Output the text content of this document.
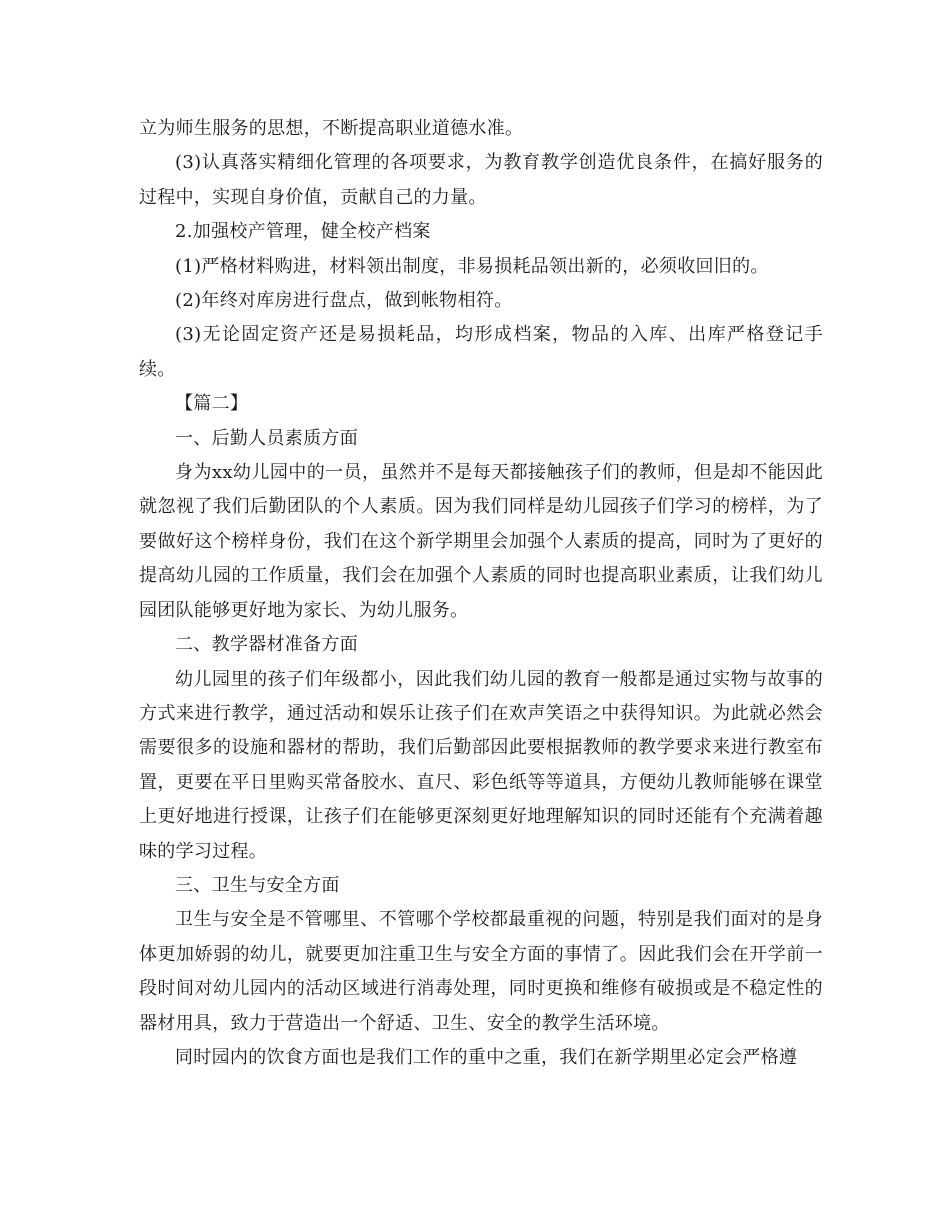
立为师生服务的思想，不断提高职业道德水准。

(3)认真落实精细化管理的各项要求，为教育教学创造优良条件，在搞好服务的过程中，实现自身价值，贡献自己的力量。

2.加强校产管理，健全校产档案

(1)严格材料购进，材料领出制度，非易损耗品领出新的，必须收回旧的。

(2)年终对库房进行盘点，做到帐物相符。

(3)无论固定资产还是易损耗品，均形成档案，物品的入库、出库严格登记手续。

【篇二】

一、后勤人员素质方面

身为xx幼儿园中的一员，虽然并不是每天都接触孩子们的教师，但是却不能因此就忽视了我们后勤团队的个人素质。因为我们同样是幼儿园孩子们学习的榜样，为了要做好这个榜样身份，我们在这个新学期里会加强个人素质的提高，同时为了更好的提高幼儿园的工作质量，我们会在加强个人素质的同时也提高职业素质，让我们幼儿园团队能够更好地为家长、为幼儿服务。

二、教学器材准备方面

幼儿园里的孩子们年级都小，因此我们幼儿园的教育一般都是通过实物与故事的方式来进行教学，通过活动和娱乐让孩子们在欢声笑语之中获得知识。为此就必然会需要很多的设施和器材的帮助，我们后勤部因此要根据教师的教学要求来进行教室布置，更要在平日里购买常备胶水、直尺、彩色纸等等道具，方便幼儿教师能够在课堂上更好地进行授课，让孩子们在能够更深刻更好地理解知识的同时还能有个充满着趣味的学习过程。

三、卫生与安全方面

卫生与安全是不管哪里、不管哪个学校都最重视的问题，特别是我们面对的是身体更加娇弱的幼儿，就要更加注重卫生与安全方面的事情了。因此我们会在开学前一段时间对幼儿园内的活动区域进行消毒处理，同时更换和维修有破损或是不稳定性的器材用具，致力于营造出一个舒适、卫生、安全的教学生活环境。

同时园内的饮食方面也是我们工作的重中之重，我们在新学期里必定会严格遵
